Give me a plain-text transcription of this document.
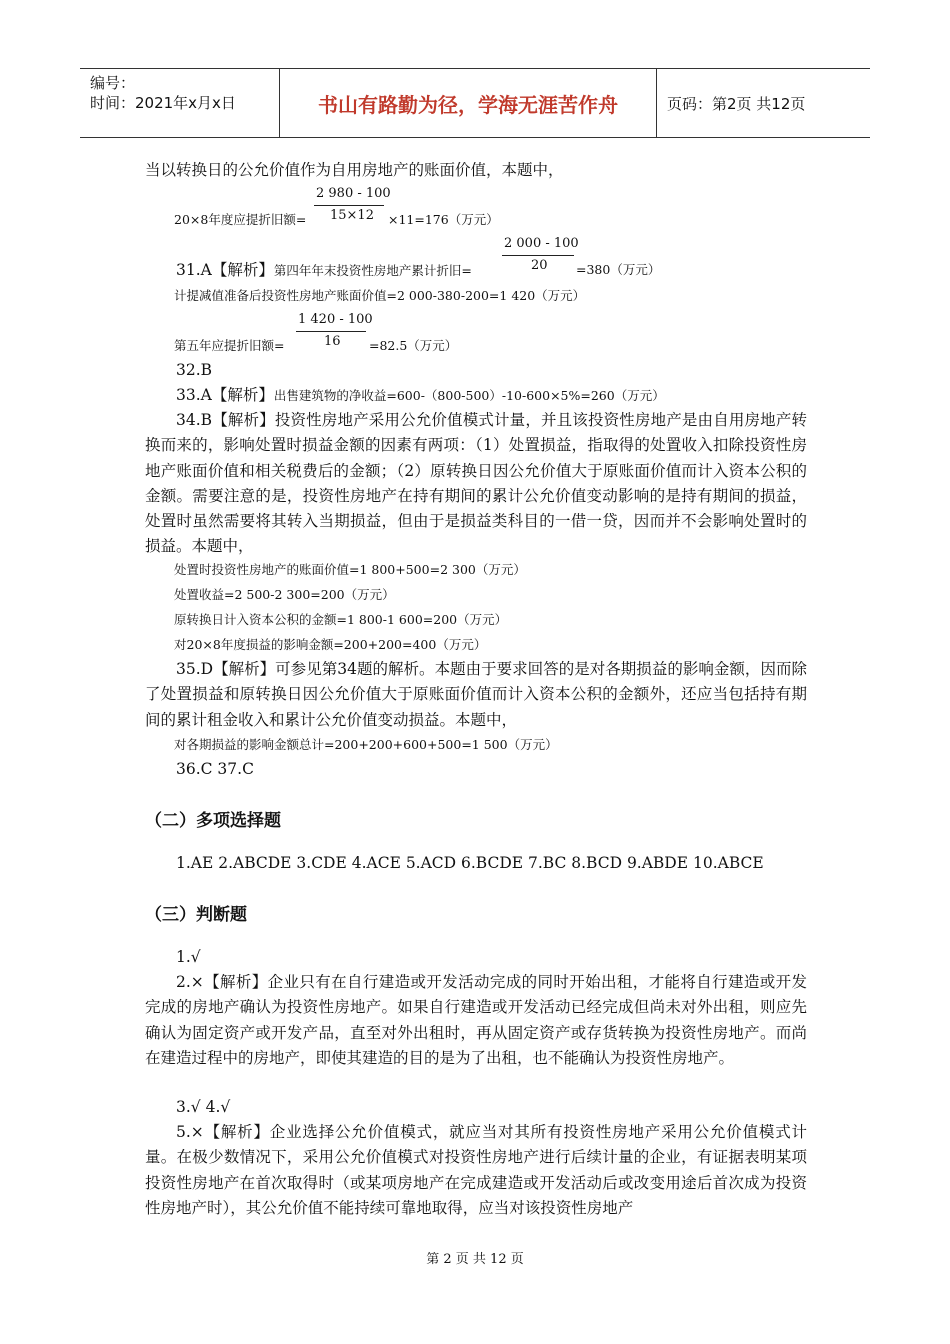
编号：
时间：2021年x月x日	书山有路勤为径，学海无涯苦作舟	页码：第2页 共12页
当以转换日的公允价值作为自用房地产的账面价值，本题中，
2 980 - 100
15×12
20×8年度应提折旧额=	×11=176（万元）
2 000 - 100
20
31.A【解析】第四年年末投资性房地产累计折旧=	=380（万元）
计提减值准备后投资性房地产账面价值=2 000-380-200=1 420（万元）
1 420 - 100
16
第五年应提折旧额=	=82.5（万元）
32.B
33.A【解析】出售建筑物的净收益=600-（800-500）-10-600×5%=260（万元）
34.B【解析】投资性房地产采用公允价值模式计量，并且该投资性房地产是由自用房地产转换而来的，影响处置时损益金额的因素有两项：（1）处置损益，指取得的处置收入扣除投资性房地产账面价值和相关税费后的金额；（2）原转换日因公允价值大于原账面价值而计入资本公积的金额。需要注意的是，投资性房地产在持有期间的累计公允价值变动影响的是持有期间的损益，处置时虽然需要将其转入当期损益，但由于是损益类科目的一借一贷，因而并不会影响处置时的损益。本题中，
处置时投资性房地产的账面价值=1 800+500=2 300（万元）
处置收益=2 500-2 300=200（万元）
原转换日计入资本公积的金额=1 800-1 600=200（万元）
对20×8年度损益的影响金额=200+200=400（万元）
35.D【解析】可参见第34题的解析。本题由于要求回答的是对各期损益的影响金额，因而除了处置损益和原转换日因公允价值大于原账面价值而计入资本公积的金额外，还应当包括持有期间的累计租金收入和累计公允价值变动损益。本题中，
对各期损益的影响金额总计=200+200+600+500=1 500（万元）
36.C 37.C
（二）多项选择题
1.AE 2.ABCDE 3.CDE 4.ACE 5.ACD 6.BCDE 7.BC 8.BCD 9.ABDE 10.ABCE
（三）判断题
1.√
2.×【解析】企业只有在自行建造或开发活动完成的同时开始出租，才能将自行建造或开发完成的房地产确认为投资性房地产。如果自行建造或开发活动已经完成但尚未对外出租，则应先确认为固定资产或开发产品，直至对外出租时，再从固定资产或存货转换为投资性房地产。而尚在建造过程中的房地产，即使其建造的目的是为了出租，也不能确认为投资性房地产。
3.√ 4.√
5.×【解析】企业选择公允价值模式，就应当对其所有投资性房地产采用公允价值模式计量。在极少数情况下，采用公允价值模式对投资性房地产进行后续计量的企业，有证据表明某项投资性房地产在首次取得时（或某项房地产在完成建造或开发活动后或改变用途后首次成为投资性房地产时），其公允价值不能持续可靠地取得，应当对该投资性房地产
第 2 页 共 12 页
